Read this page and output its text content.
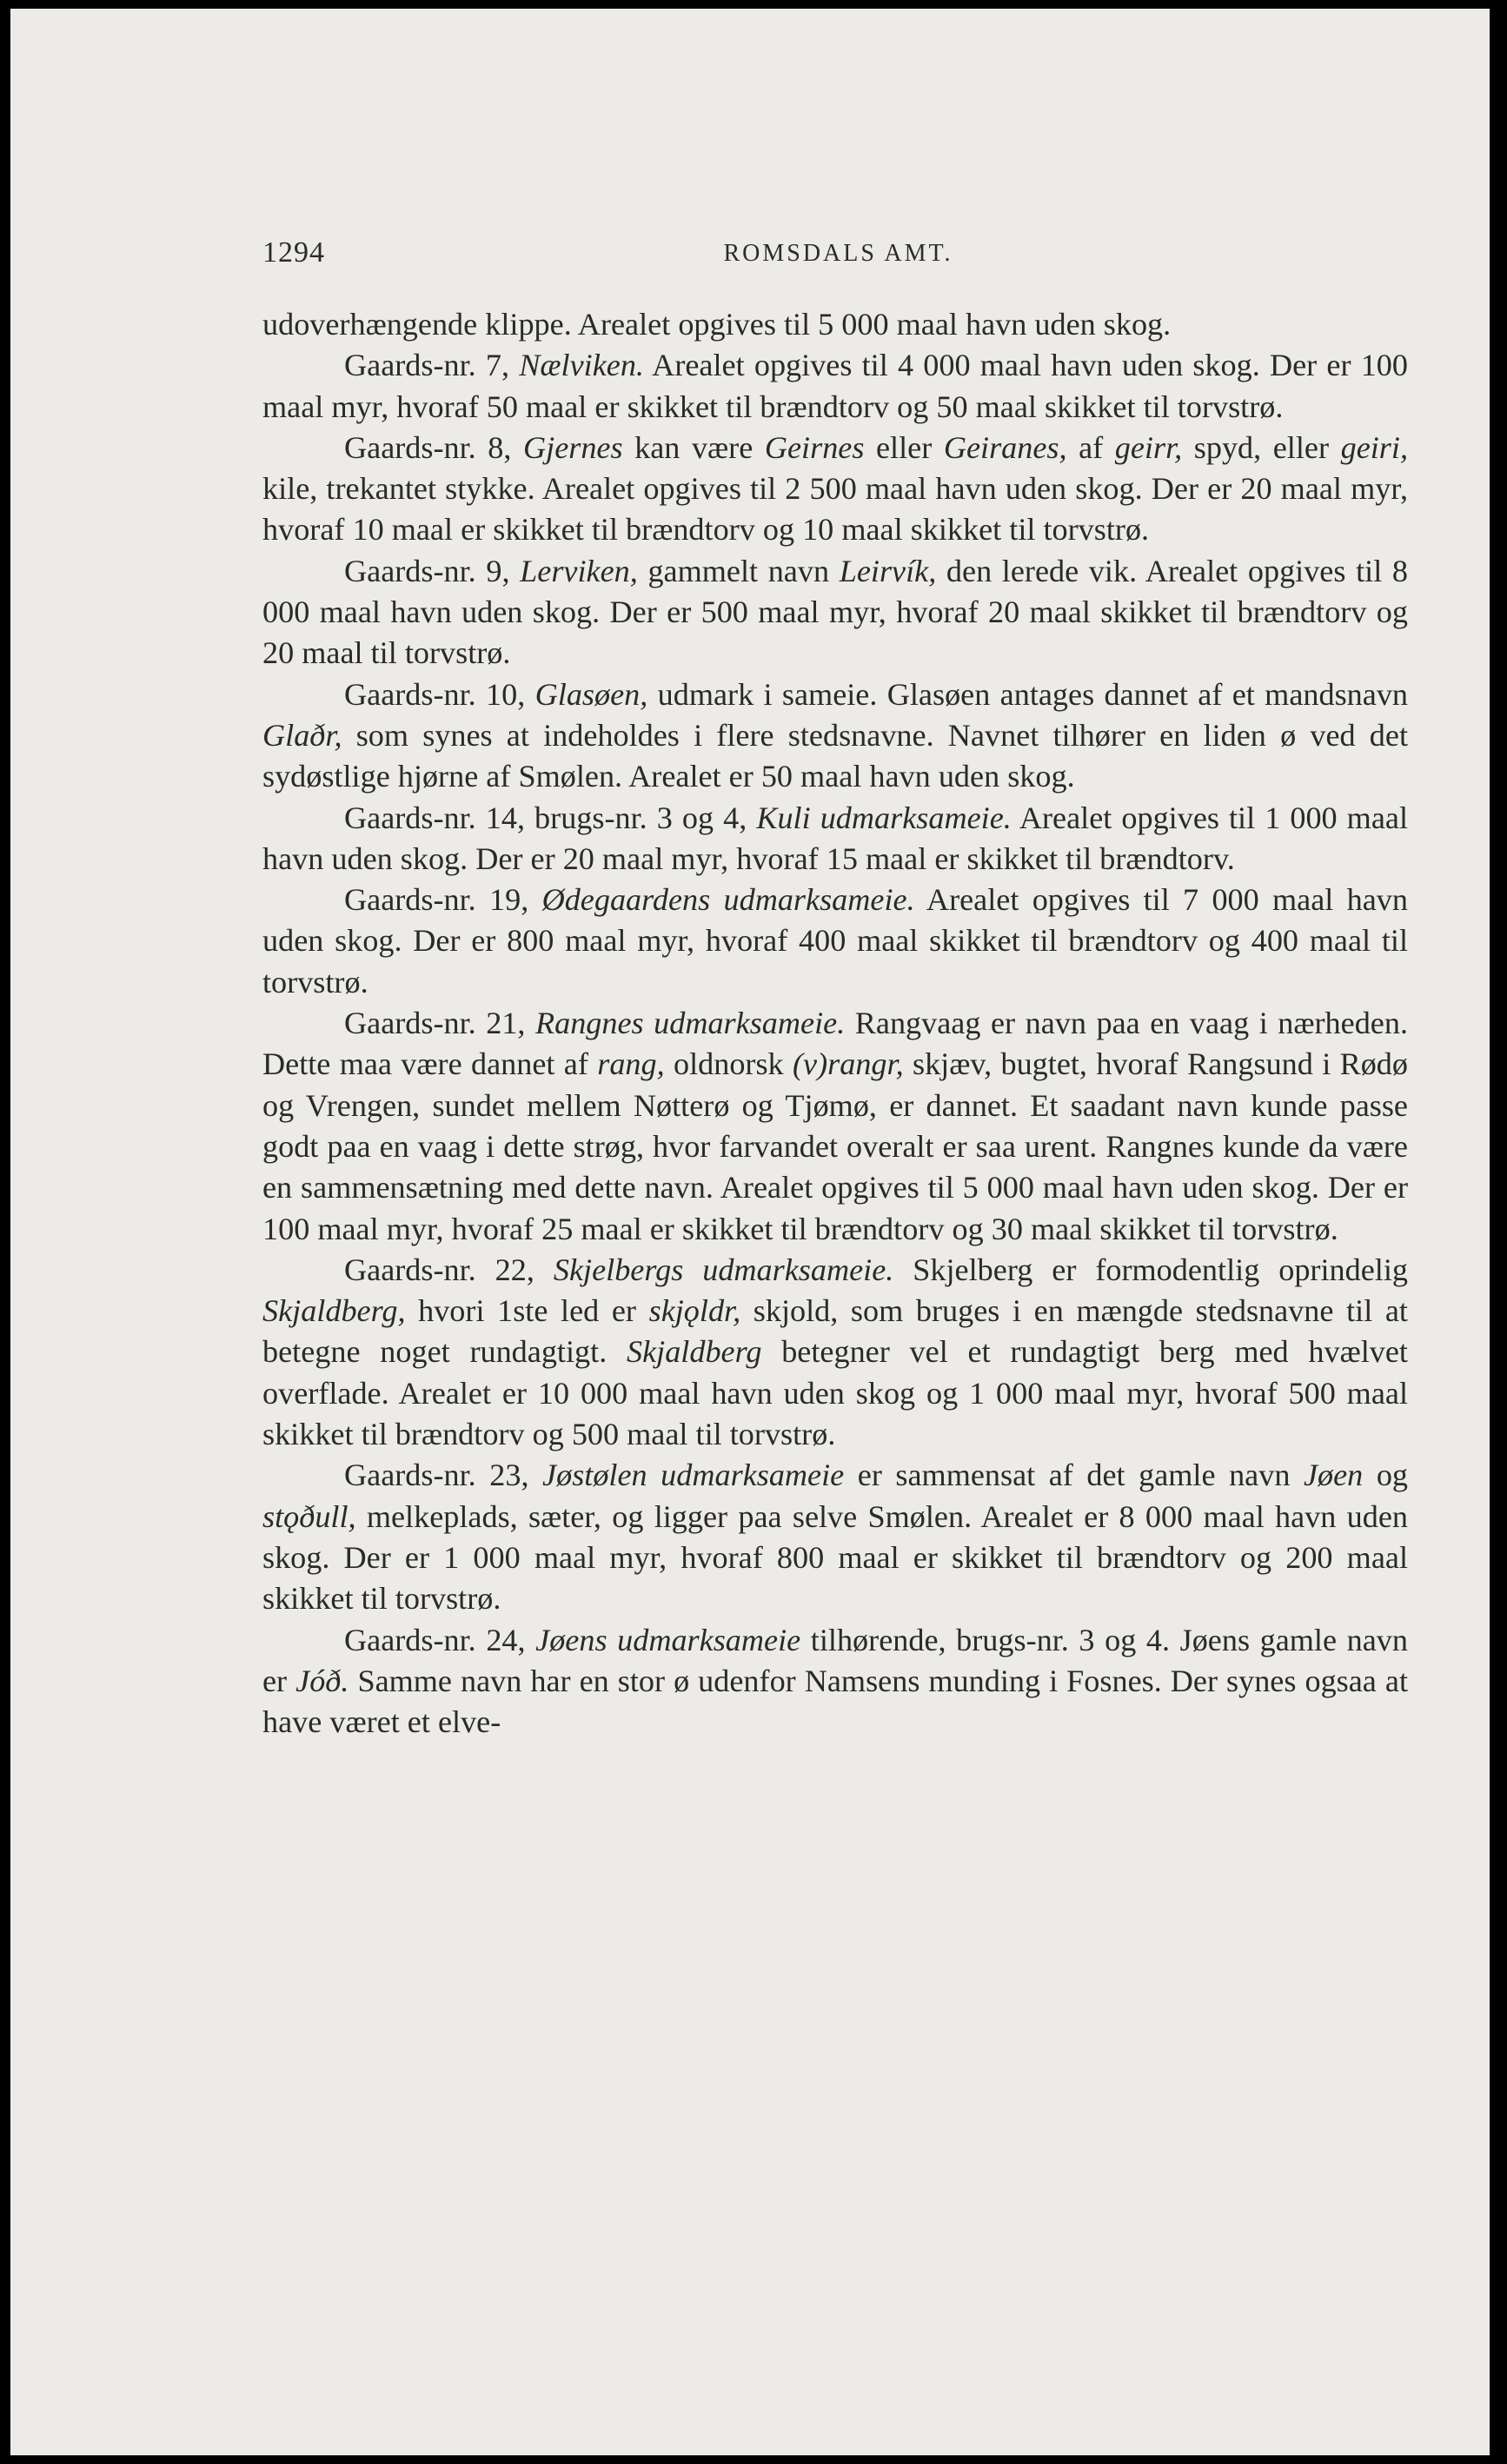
1294	ROMSDALS AMT.

udoverhængende klippe. Arealet opgives til 5 000 maal havn uden skog.

Gaards-nr. 7, Nælviken. Arealet opgives til 4 000 maal havn uden skog. Der er 100 maal myr, hvoraf 50 maal er skikket til brændtorv og 50 maal skikket til torvstrø.

Gaards-nr. 8, Gjernes kan være Geirnes eller Geiranes, af geirr, spyd, eller geiri, kile, trekantet stykke. Arealet opgives til 2 500 maal havn uden skog. Der er 20 maal myr, hvoraf 10 maal er skikket til brændtorv og 10 maal skikket til torvstrø.

Gaards-nr. 9, Lerviken, gammelt navn Leirvík, den lerede vik. Arealet opgives til 8 000 maal havn uden skog. Der er 500 maal myr, hvoraf 20 maal skikket til brændtorv og 20 maal til torvstrø.

Gaards-nr. 10, Glasøen, udmark i sameie. Glasøen antages dannet af et mandsnavn Glaðr, som synes at indeholdes i flere stedsnavne. Navnet tilhører en liden ø ved det sydøstlige hjørne af Smølen. Arealet er 50 maal havn uden skog.

Gaards-nr. 14, brugs-nr. 3 og 4, Kuli udmarksameie. Arealet opgives til 1 000 maal havn uden skog. Der er 20 maal myr, hvoraf 15 maal er skikket til brændtorv.

Gaards-nr. 19, Ødegaardens udmarksameie. Arealet opgives til 7 000 maal havn uden skog. Der er 800 maal myr, hvoraf 400 maal skikket til brændtorv og 400 maal til torvstrø.

Gaards-nr. 21, Rangnes udmarksameie. Rangvaag er navn paa en vaag i nærheden. Dette maa være dannet af rang, oldnorsk (v)rangr, skjæv, bugtet, hvoraf Rangsund i Rødø og Vrengen, sundet mellem Nøtterø og Tjømø, er dannet. Et saadant navn kunde passe godt paa en vaag i dette strøg, hvor farvandet overalt er saa urent. Rangnes kunde da være en sammensætning med dette navn. Arealet opgives til 5 000 maal havn uden skog. Der er 100 maal myr, hvoraf 25 maal er skikket til brændtorv og 30 maal skikket til torvstrø.

Gaards-nr. 22, Skjelbergs udmarksameie. Skjelberg er formodentlig oprindelig Skjaldberg, hvori 1ste led er skjǫldr, skjold, som bruges i en mængde stedsnavne til at betegne noget rundagtigt. Skjaldberg betegner vel et rundagtigt berg med hvælvet overflade. Arealet er 10 000 maal havn uden skog og 1 000 maal myr, hvoraf 500 maal skikket til brændtorv og 500 maal til torvstrø.

Gaards-nr. 23, Jøstølen udmarksameie er sammensat af det gamle navn Jøen og stǫðull, melkeplads, sæter, og ligger paa selve Smølen. Arealet er 8 000 maal havn uden skog. Der er 1 000 maal myr, hvoraf 800 maal er skikket til brændtorv og 200 maal skikket til torvstrø.

Gaards-nr. 24, Jøens udmarksameie tilhørende, brugs-nr. 3 og 4. Jøens gamle navn er Jóð. Samme navn har en stor ø udenfor Namsens munding i Fosnes. Der synes ogsaa at have været et elve-
